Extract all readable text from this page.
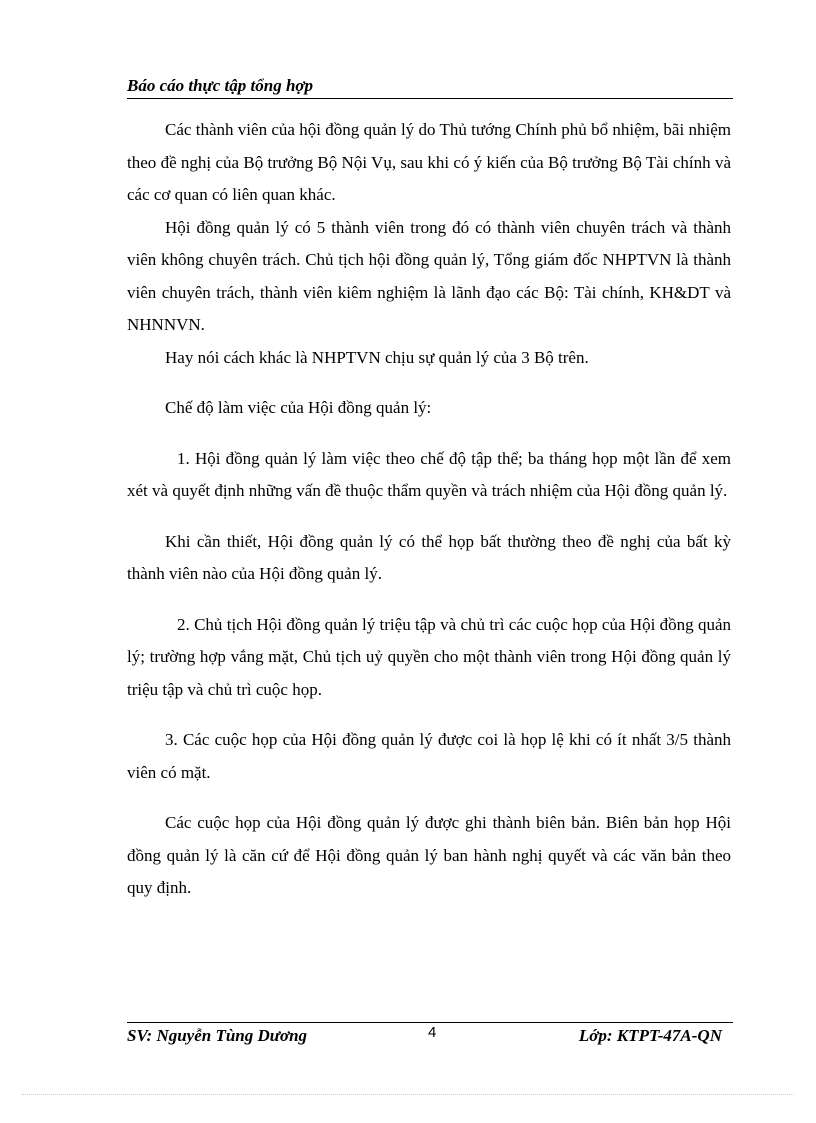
Báo cáo thực tập tổng hợp

Các thành viên của hội đồng quản lý do Thủ tướng Chính phủ bổ nhiệm, bãi nhiệm theo đề nghị của Bộ trưởng Bộ Nội Vụ, sau khi có ý kiến của Bộ trưởng Bộ Tài chính và các cơ quan có liên quan khác.

Hội đồng quản lý có 5 thành viên trong đó có thành viên chuyên trách và thành viên không chuyên trách. Chủ tịch hội đồng quản lý, Tổng giám đốc NHPTVN là thành viên chuyên trách, thành viên kiêm nghiệm là lãnh đạo các Bộ: Tài chính, KH&DT và NHNNVN.

Hay nói cách khác là NHPTVN chịu sự quản lý của 3 Bộ trên.

Chế độ làm việc của Hội đồng quản lý:

1. Hội đồng quản lý làm việc theo chế độ tập thể; ba tháng họp một lần để xem xét và quyết định những vấn đề thuộc thẩm quyền và trách nhiệm của Hội đồng quản lý.

Khi cần thiết, Hội đồng quản lý có thể họp bất thường theo đề nghị của bất kỳ thành viên nào của Hội đồng quản lý.

2. Chủ tịch Hội đồng quản lý triệu tập và chủ trì các cuộc họp của Hội đồng quản lý; trường hợp vắng mặt, Chủ tịch uỷ quyền cho một thành viên trong Hội đồng quản lý triệu tập và chủ trì cuộc họp.

3. Các cuộc họp của Hội đồng quản lý được coi là họp lệ khi có ít nhất 3/5 thành viên có mặt.

Các cuộc họp của Hội đồng quản lý được ghi thành biên bản. Biên bản họp Hội đồng quản lý là căn cứ để Hội đồng quản lý ban hành nghị quyết và các văn bản theo quy định.

SV: Nguyễn Tùng Dương	4	Lớp: KTPT-47A-QN
